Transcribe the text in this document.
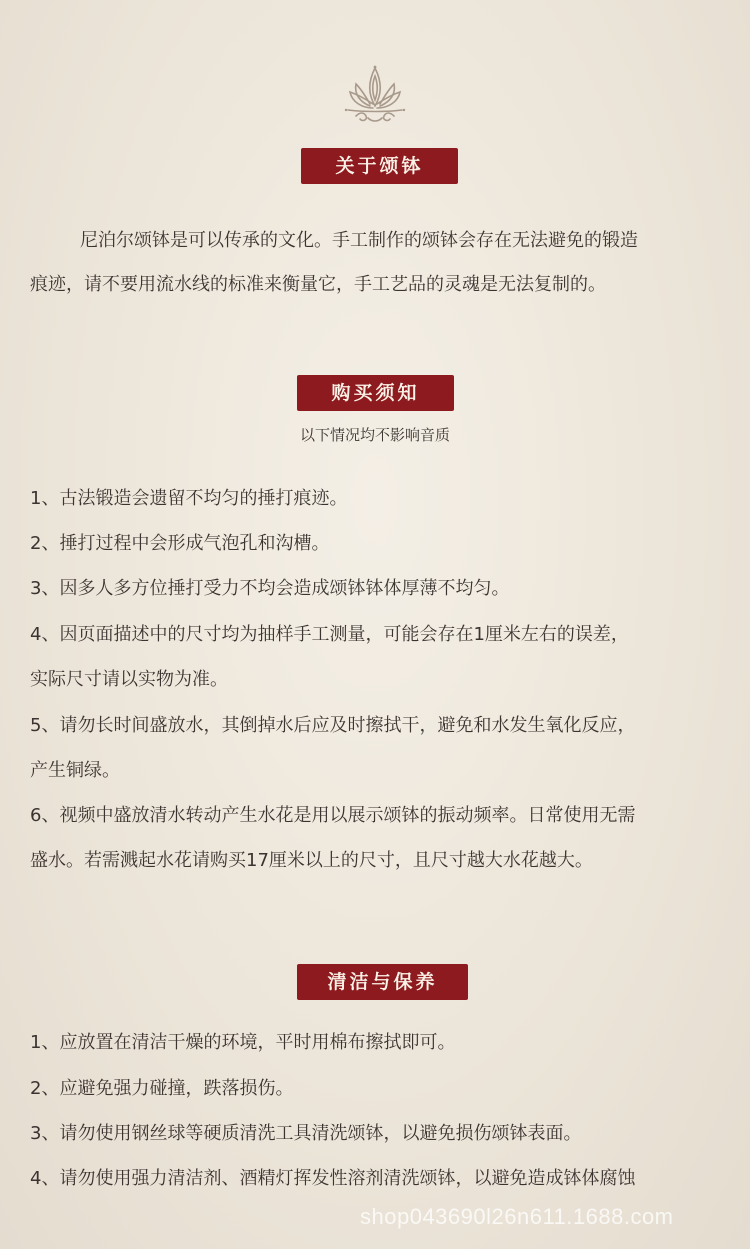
关于颂钵
尼泊尔颂钵是可以传承的文化。手工制作的颂钵会存在无法避免的锻造
痕迹，请不要用流水线的标准来衡量它，手工艺品的灵魂是无法复制的。
购买须知
以下情况均不影响音质
1、古法锻造会遗留不均匀的捶打痕迹。
2、捶打过程中会形成气泡孔和沟槽。
3、因多人多方位捶打受力不均会造成颂钵钵体厚薄不均匀。
4、因页面描述中的尺寸均为抽样手工测量，可能会存在1厘米左右的误差，
实际尺寸请以实物为准。
5、请勿长时间盛放水，其倒掉水后应及时擦拭干，避免和水发生氧化反应，
产生铜绿。
6、视频中盛放清水转动产生水花是用以展示颂钵的振动频率。日常使用无需
盛水。若需溅起水花请购买17厘米以上的尺寸，且尺寸越大水花越大。
清洁与保养
1、应放置在清洁干燥的环境，平时用棉布擦拭即可。
2、应避免强力碰撞，跌落损伤。
3、请勿使用钢丝球等硬质清洗工具清洗颂钵，以避免损伤颂钵表面。
4、请勿使用强力清洁剂、酒精灯挥发性溶剂清洗颂钵，以避免造成钵体腐蚀
shop043690l26n611.1688.com
